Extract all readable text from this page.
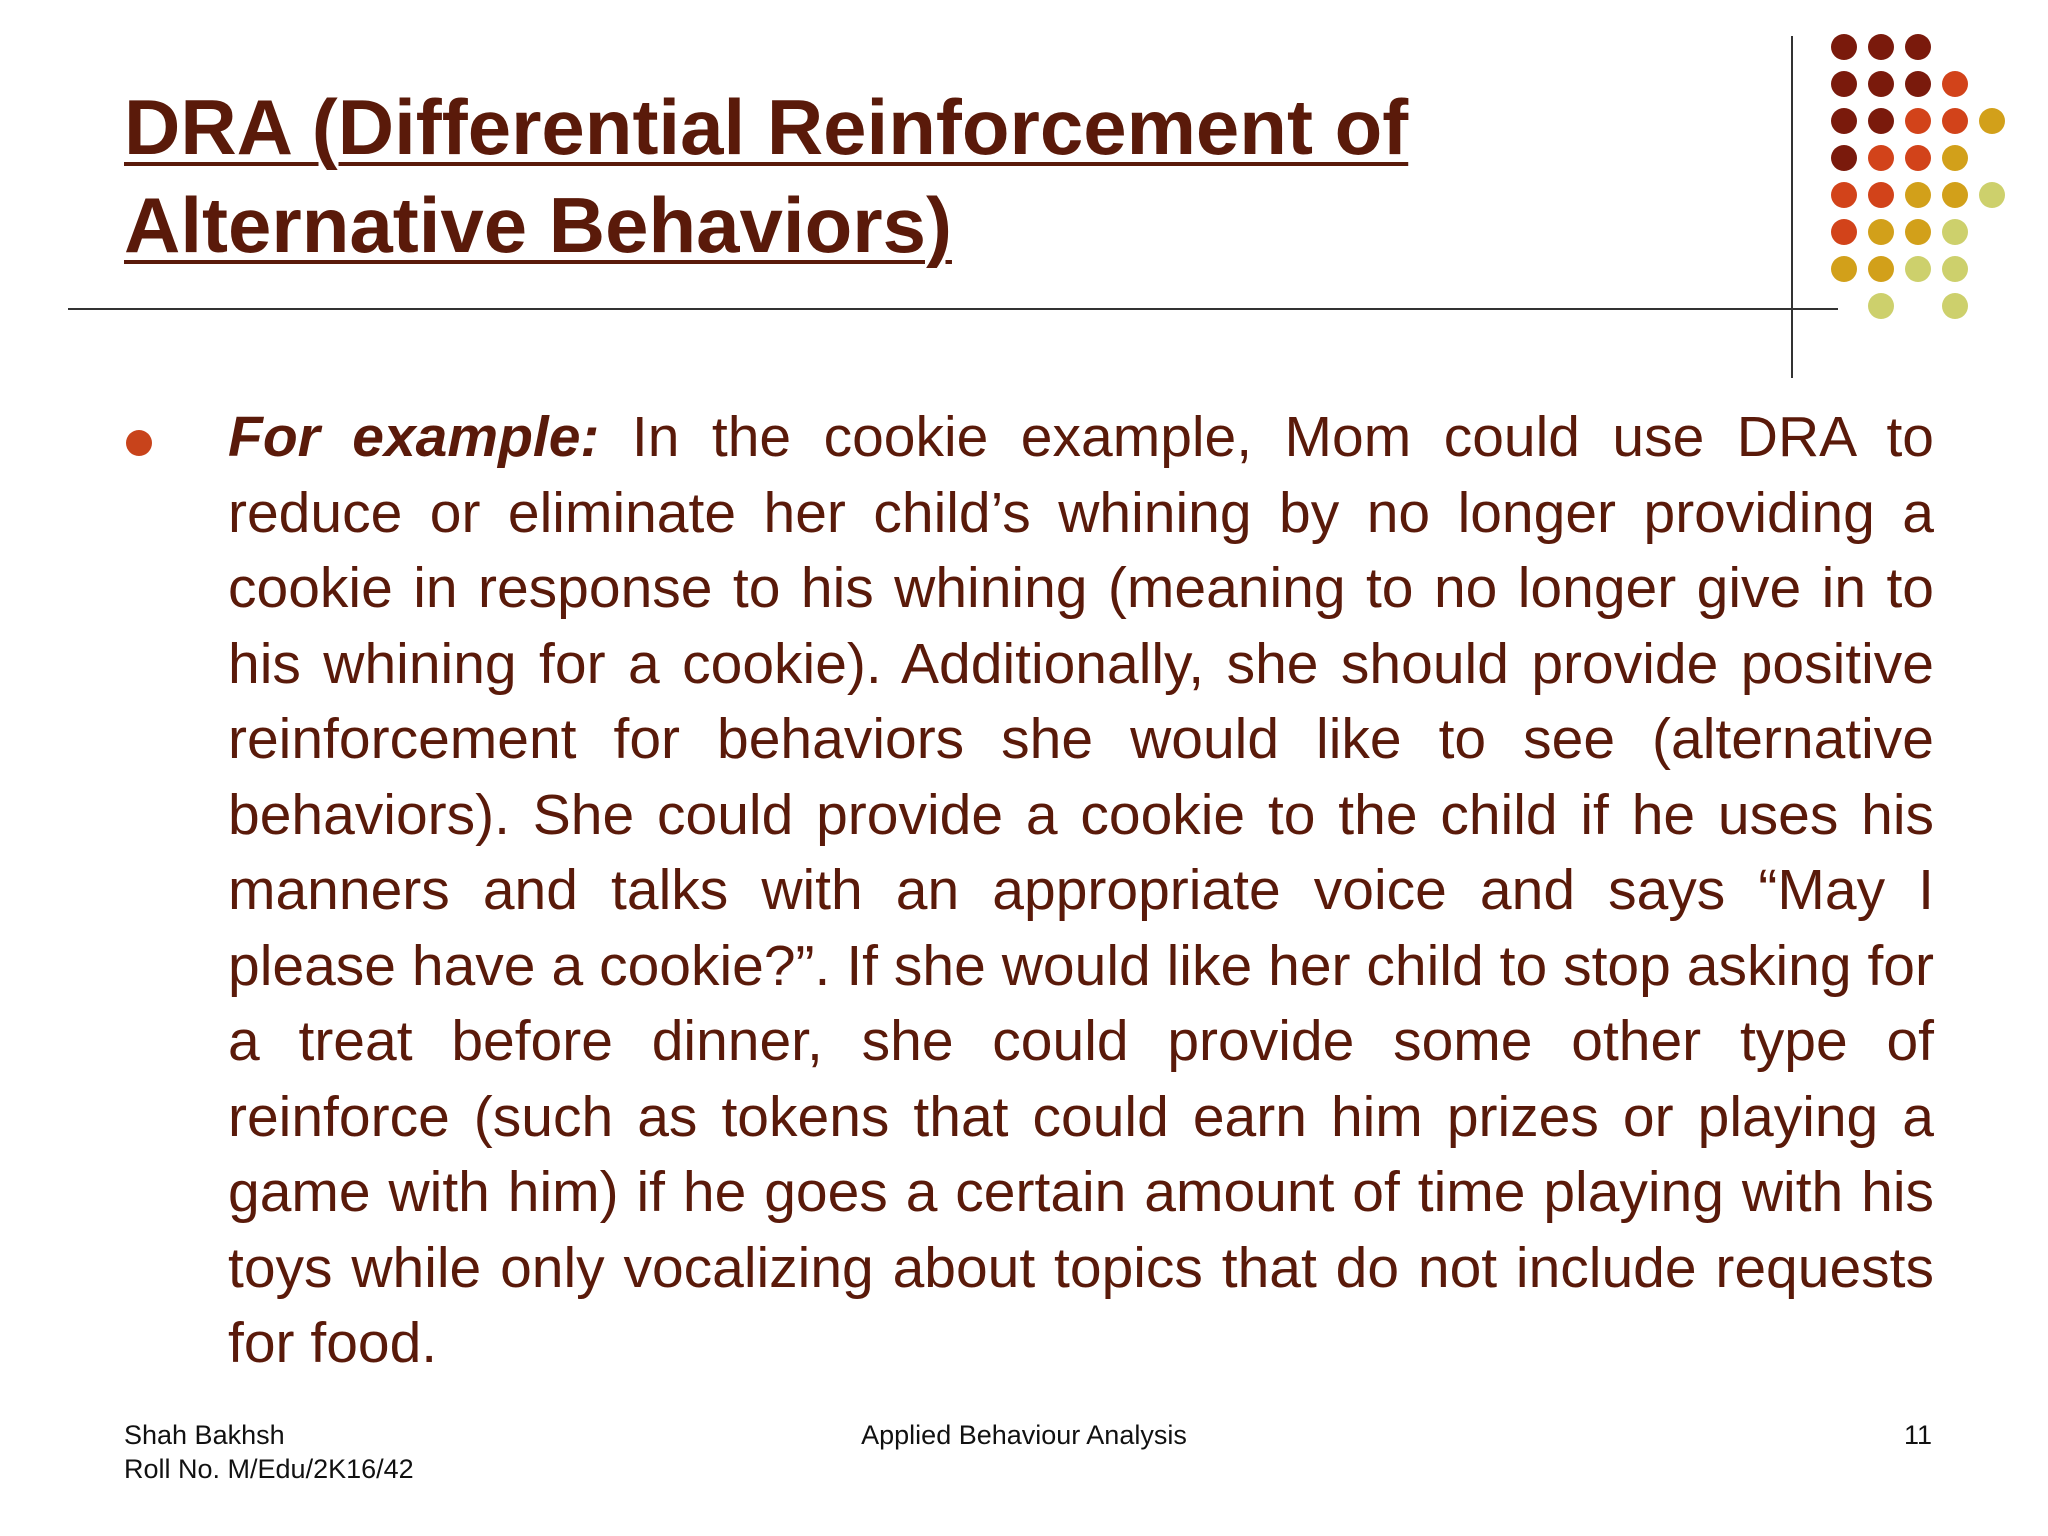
DRA (Differential Reinforcement of
Alternative Behaviors)

For example: In the cookie example, Mom could use DRA to reduce or eliminate her child’s whining by no longer providing a cookie in response to his whining (meaning to no longer give in to his whining for a cookie). Additionally, she should provide positive reinforcement for behaviors she would like to see (alternative behaviors). She could provide a cookie to the child if he uses his manners and talks with an appropriate voice and says “May I please have a cookie?”. If she would like her child to stop asking for a treat before dinner, she could provide some other type of reinforce (such as tokens that could earn him prizes or playing a game with him) if he goes a certain amount of time playing with his toys while only vocalizing about topics that do not include requests for food.

Shah Bakhsh
Roll No. M/Edu/2K16/42
Applied Behaviour Analysis	11
